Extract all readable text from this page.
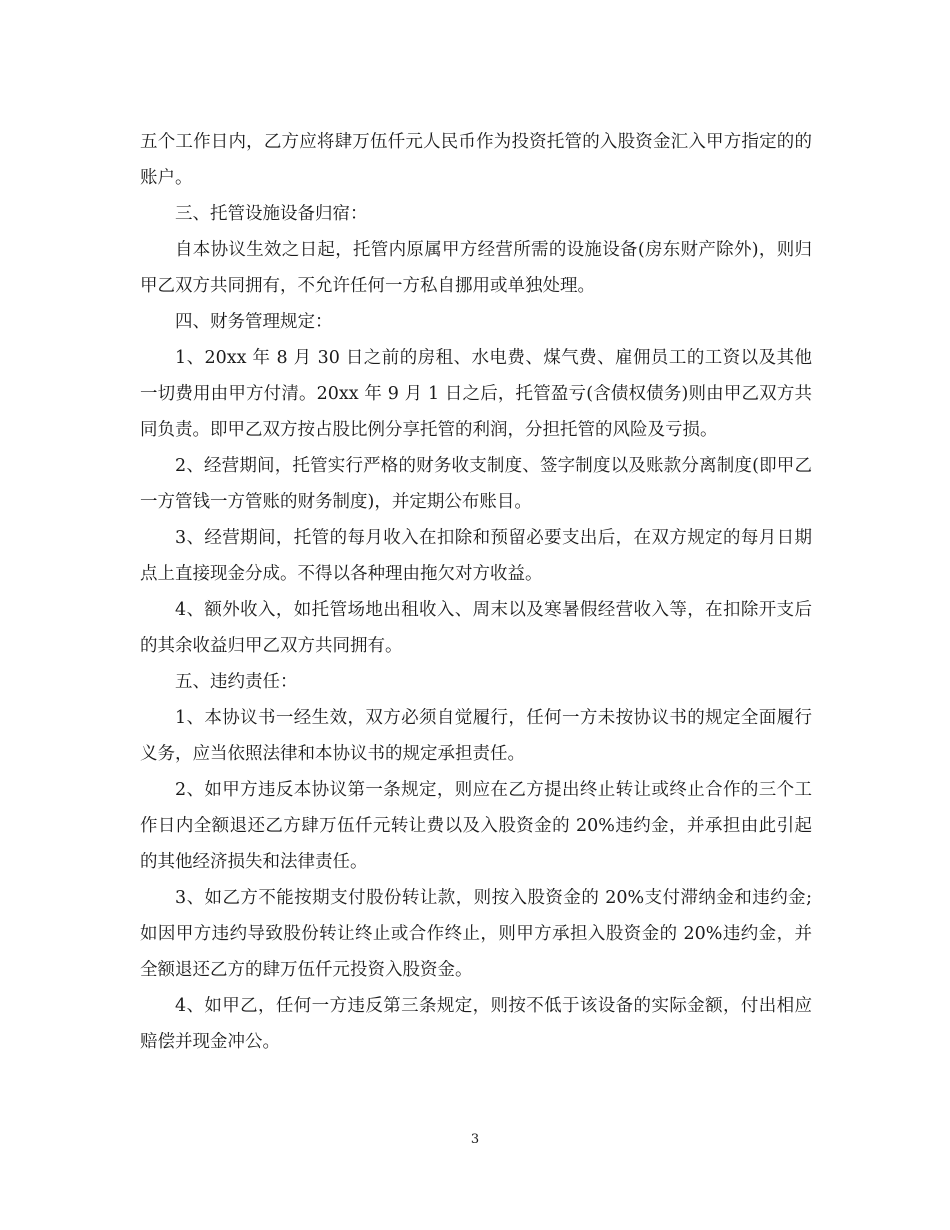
五个工作日内，乙方应将肆万伍仟元人民币作为投资托管的入股资金汇入甲方指定的的账户。

三、托管设施设备归宿：

自本协议生效之日起，托管内原属甲方经营所需的设施设备(房东财产除外)，则归甲乙双方共同拥有，不允许任何一方私自挪用或单独处理。

四、财务管理规定：

1、20xx 年 8 月 30 日之前的房租、水电费、煤气费、雇佣员工的工资以及其他一切费用由甲方付清。20xx 年 9 月 1 日之后，托管盈亏(含债权债务)则由甲乙双方共同负责。即甲乙双方按占股比例分享托管的利润，分担托管的风险及亏损。

2、经营期间，托管实行严格的财务收支制度、签字制度以及账款分离制度(即甲乙一方管钱一方管账的财务制度)，并定期公布账目。

3、经营期间，托管的每月收入在扣除和预留必要支出后，在双方规定的每月日期点上直接现金分成。不得以各种理由拖欠对方收益。

4、额外收入，如托管场地出租收入、周末以及寒暑假经营收入等，在扣除开支后的其余收益归甲乙双方共同拥有。

五、违约责任：

1、本协议书一经生效，双方必须自觉履行，任何一方未按协议书的规定全面履行义务，应当依照法律和本协议书的规定承担责任。

2、如甲方违反本协议第一条规定，则应在乙方提出终止转让或终止合作的三个工作日内全额退还乙方肆万伍仟元转让费以及入股资金的 20%违约金，并承担由此引起的其他经济损失和法律责任。

3、如乙方不能按期支付股份转让款，则按入股资金的 20%支付滞纳金和违约金;如因甲方违约导致股份转让终止或合作终止，则甲方承担入股资金的 20%违约金，并全额退还乙方的肆万伍仟元投资入股资金。

4、如甲乙，任何一方违反第三条规定，则按不低于该设备的实际金额，付出相应赔偿并现金冲公。

3
